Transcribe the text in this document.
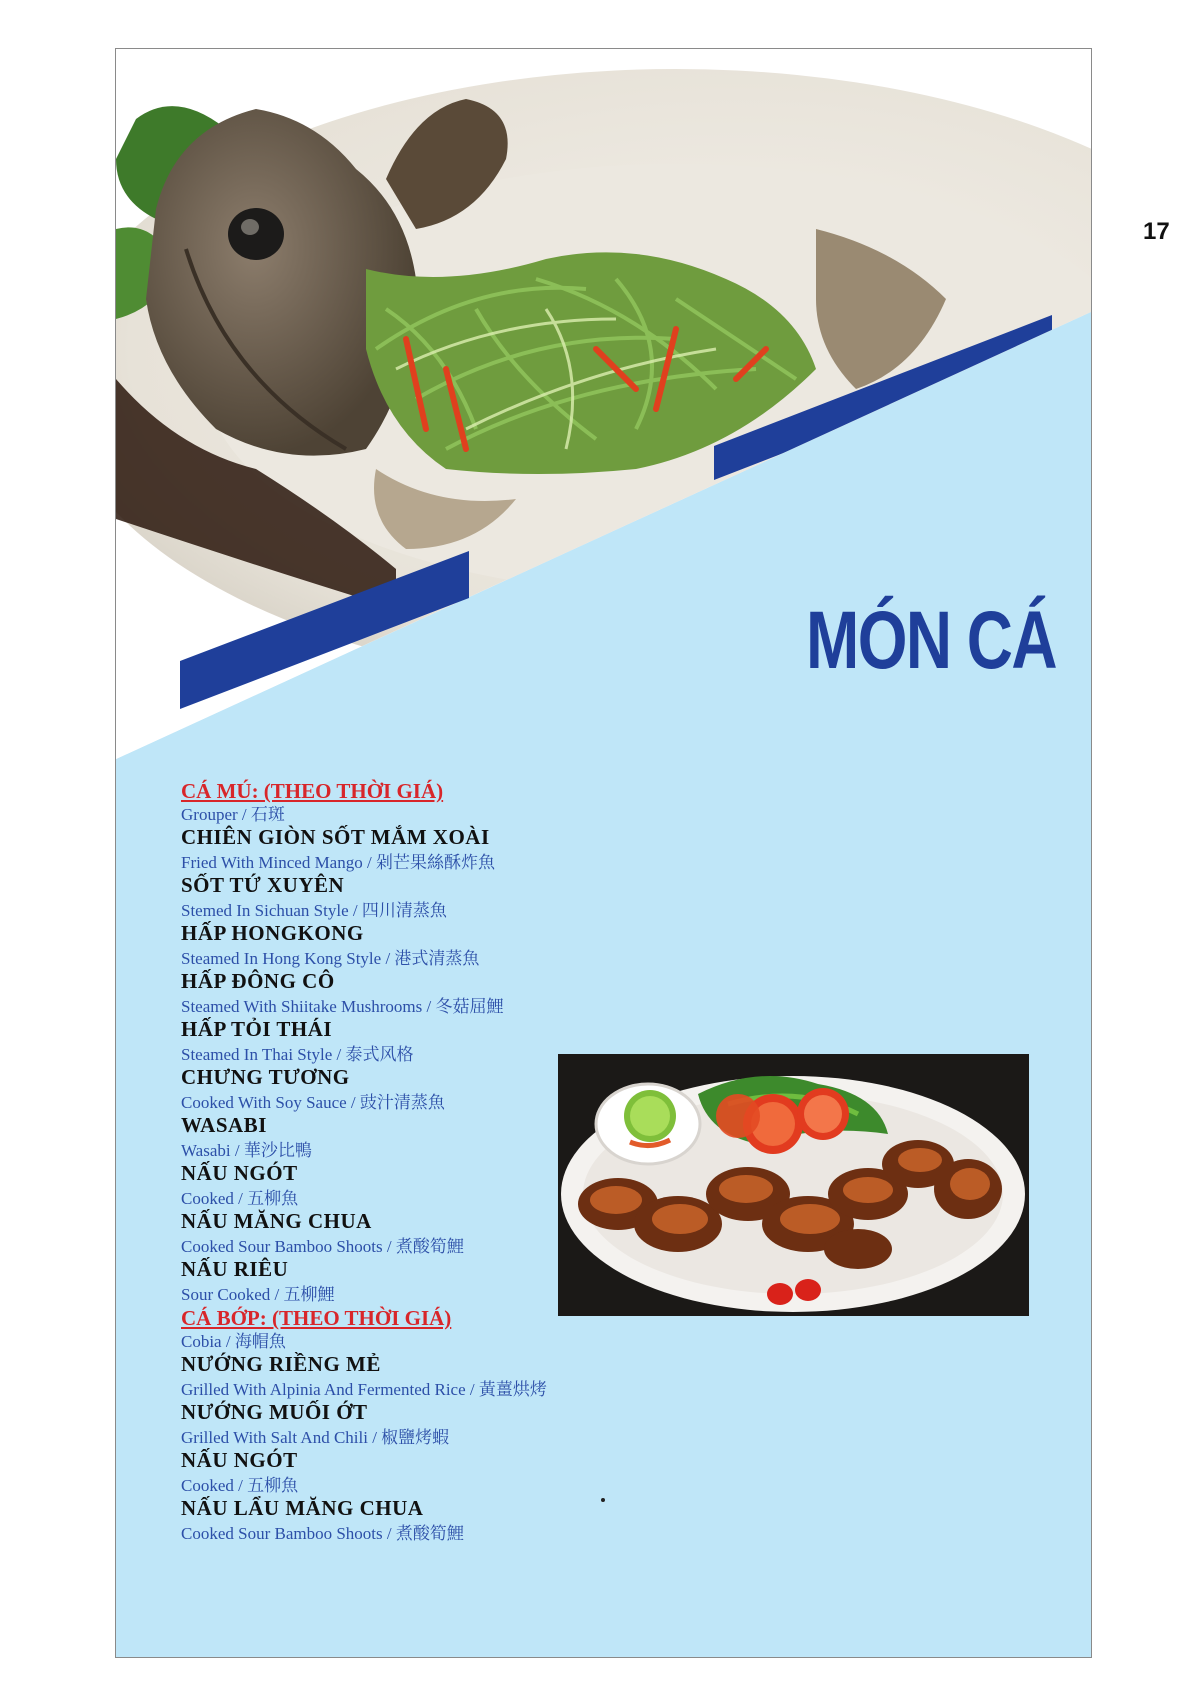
17
MÓN CÁ
CÁ MÚ: (THEO THỜI GIÁ)
Grouper / 石斑
CHIÊN GIÒN SỐT MẮM XOÀI
Fried With Minced Mango / 剁芒果絲酥炸魚
SỐT TỨ XUYÊN
Stemed In Sichuan Style / 四川清蒸魚
HẤP HONGKONG
Steamed In Hong Kong Style / 港式清蒸魚
HẤP ĐÔNG CÔ
Steamed With Shiitake Mushrooms / 冬菇屈鯉
HẤP TỎI THÁI
Steamed In Thai Style / 泰式风格
CHƯNG TƯƠNG
Cooked With Soy Sauce / 豉汁清蒸魚
WASABI
Wasabi / 華沙比鴨
NẤU NGÓT
Cooked / 五柳魚
NẤU MĂNG CHUA
Cooked Sour Bamboo Shoots / 煮酸筍鯉
NẤU RIÊU
Sour Cooked / 五柳鯉
CÁ BỚP: (THEO THỜI GIÁ)
Cobia / 海帽魚
NƯỚNG RIỀNG MẺ
Grilled With Alpinia And Fermented Rice / 黃薑烘烤
NƯỚNG MUỐI ỚT
Grilled With Salt And Chili / 椒鹽烤蝦
NẤU NGÓT
Cooked / 五柳魚
NẤU LẨU MĂNG CHUA
Cooked Sour Bamboo Shoots / 煮酸筍鯉
